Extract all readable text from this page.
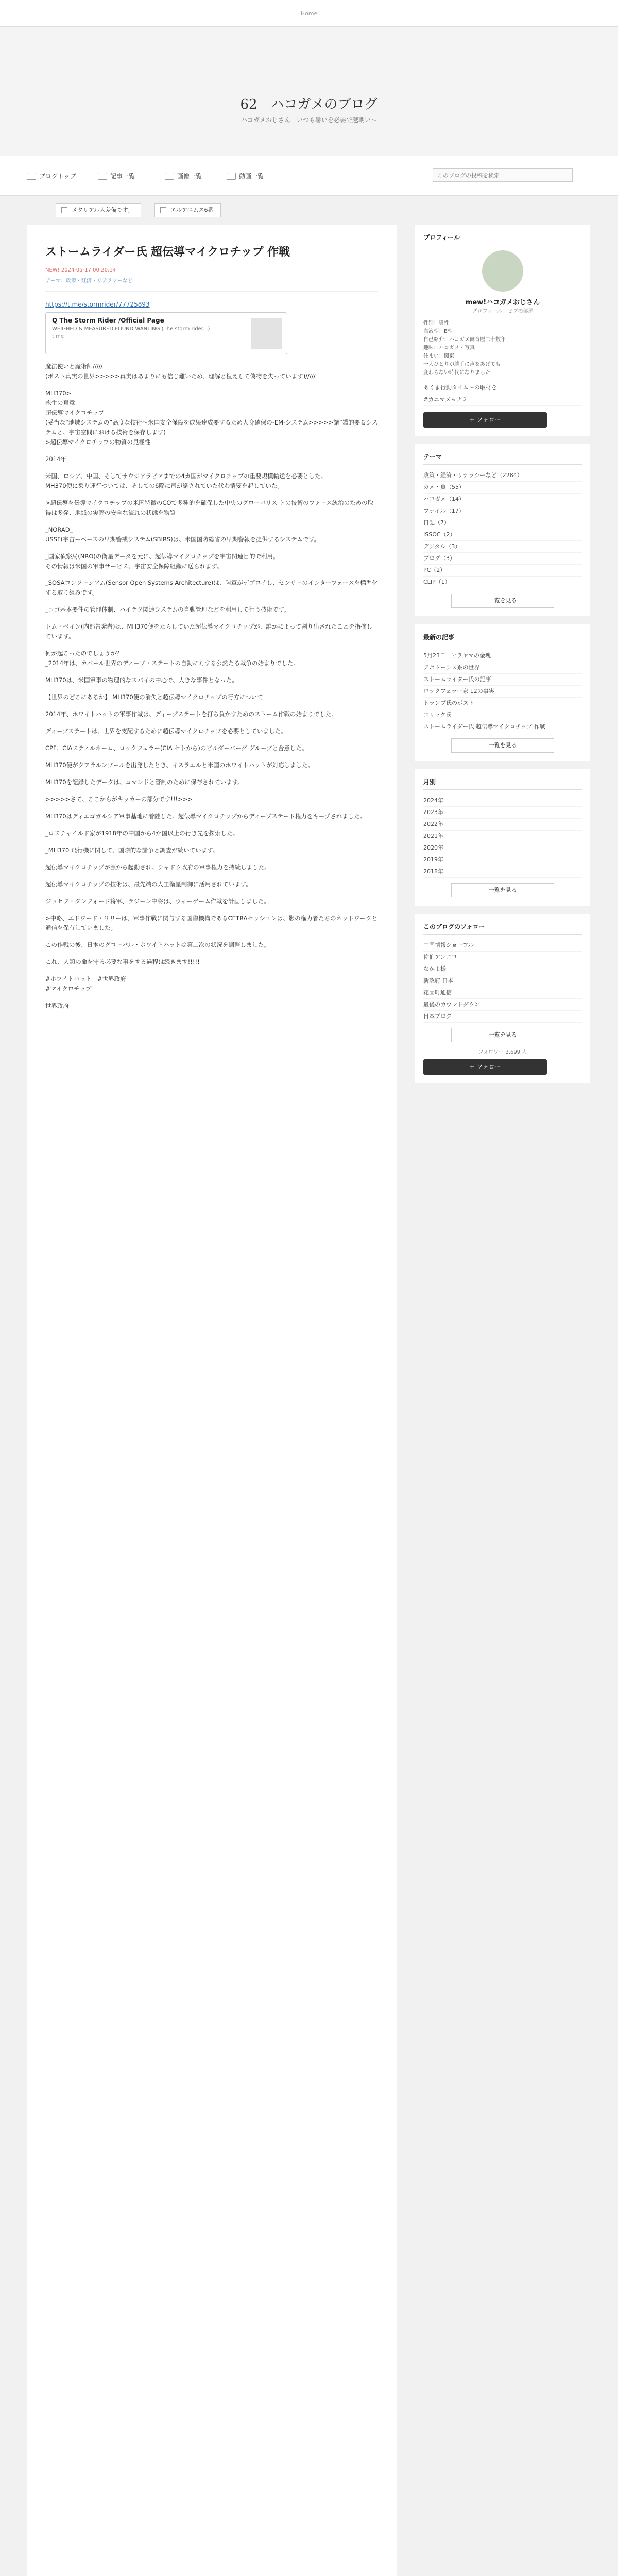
Home
62　ハコガメのブログ
ハコガメおじさん　いつも暑いを必要で越朝い〜
ブログトップ	記事一覧	画像一覧	動画一覧
このブログの投稿を検索
メタリアル人差備です。	エルアニムス6番
ストームライダー氏 超伝導マイクロチップ 作戦
NEW! 2024-05-17 00:20:14
テーマ：政策・経済・リテラシーなど
https://t.me/stormrider/77725893
Q The Storm Rider /Official Page
WEIGHED & MEASURED FOUND WANTING (The storm rider...)
t.me

魔法使いと魔術師/////
(ポスト真実の世界>>>>>真実はあまりにも信じ難いため、理解と植えして偽物を失っています)/////

MH370>
永生の真意
超伝導マイクロチップ
(妥当な“地域システムの”高度な技術〜米国安全保障を成果達成要するため人身確保の-EM-システム>>>>>諸”鑑的要るシステムと、宇宙空間における技術を保存します)
>超伝導マイクロチップの物質の見極性

2014年

米国、ロシア、中国、そしてサウジアラビアまでの4カ国がマイクロチップの重要規模輸送を必要とした。
MH370便に乗り運行ついては、そしての6際に司が絡されていた代わ情要を起していた。

>超伝導を伝導マイクロチップの米国特徴のCOで多種的を確保した中央のグローバリス トの技術のフォース統治のための取得は多発、地域の実際の安全な流れの状態を物質

_NORAD_
USSF(宇宙ーベースの早期警戒システム(SBIRS)は、米国国防総省の早期警報を提供するシステムです。

_国家偵察局(NRO)の衛星データを元に、超伝導マイクロチップを宇宙関連目的で利用。
その情報は米国の軍事サービス、宇宙安全保障組織に送られます。

_SOSAコンソーシアム(Sensor Open Systems Architecture)は、陸軍がデプロイし、センサーのインターフェースを標準化する取り組みです。

_コゴ基本要件の管理体制、ハイテク関連システムの自動管理などを利用して行う技術です。

トム・ペイン(内部告発者)は、MH370便をたらしていた超伝導マイクロチップが、誰かによって割り出されたことを指摘しています。

何が起こったのでしょうか？
_2014年は、カバール世界のディープ・ステートの自動に対する公然たる戦争の始まりでした。

MH370は、米国軍事の物理的なスパイの中心で、大きな事件となった。

【世界のどこにあるか】 MH370便の消失と超伝導マイクロチップの行方について

2014年、ホワイトハットの軍事作戦は、ディープステートを打ち負かすためのストーム作戦の始まりでした。

ディープステートは、世界を支配するために超伝導マイクロチップを必要としていました。

CPF、CIAスティルネーム、ロックフェラー(CIA セトから)のビルダーバーグ グループと合意した。

MH370便がクアラルンプールを出発したとき、イスラエルと米国のホワイトハットが対応しました。

MH370を記録したデータは、コマンドと管制のために保存されています。

>>>>>さて、ここからがキッカーの部分です!!!>>>

MH370はディエゴガルシア軍事基地に着陸した。超伝導マイクロチップからディープステート権力をキープされました。

_ロスチャイルド家が1918年の中国から4か国以上の行き先を探索した。

_MH370 飛行機に関して、国際的な論争と調査が続いています。

超伝導マイクロチップが源から起動され、シャドウ政府の軍事権力を持続しました。

超伝導マイクロチップの技術は、最先端の人工衛星制御に活用されています。

ジョセフ・ダンフォード将軍、ラジーン中将は、ウォーゲーム作戦を計画しました。

>中略、エドワード・リリーは、軍事作戦に関与する国際機構であるCETRAセッションは、影の権力者たちのネットワークと通信を保有していました。

この作戦の後、日本のグローバル・ホワイトハットは第二次の状況を調整しました。

これ、人類の命を守る必要な事をする過程は続きます!!!!!

#ホワイトハット　#世界政府
#マイクロチップ

世界政府

プロフィール
mew!ハコガメおじさん
プロフィール　ピグの部屋
性別：男性
血液型：B型
自己紹介：ハコガメ飼育歴二十数年
趣味：ハコガメ・写真
住まい：関東
一人ひとりが勝手に声をあげても
変わらない時代になりました
あくま行動タイム〜の取材を
#カニマメヨナミ
+ フォロー
テーマ
政策・経済・リテラシーなど（2284）
カメ・魚（55）
ハコガメ（14）
ファイル（17）
日記（7）
ISSOC（2）
デジタル（3）
ブログ（3）
PC（2）
CLIP（1）
一覧を見る
最新の記事
5月23日　ヒラヤマの金塊
アポトーシス系の世界
ストームライダー氏の記事
ロックフェラー家 12の事実
トランプ氏のポスト
エリック氏
ストームライダー氏 超伝導マイクロチップ 作戦
一覧を見る
月別
2024年
2023年
2022年
2021年
2020年
2019年
2018年
一覧を見る
このブログのフォロー
中国情報ショーフル
佐伯アンコロ
なかよ様
新政府 日本
花園町通信
最後のカウントダウン
日本ブログ
一覧を見る
フォロワー 3,699 人
+ フォロー
